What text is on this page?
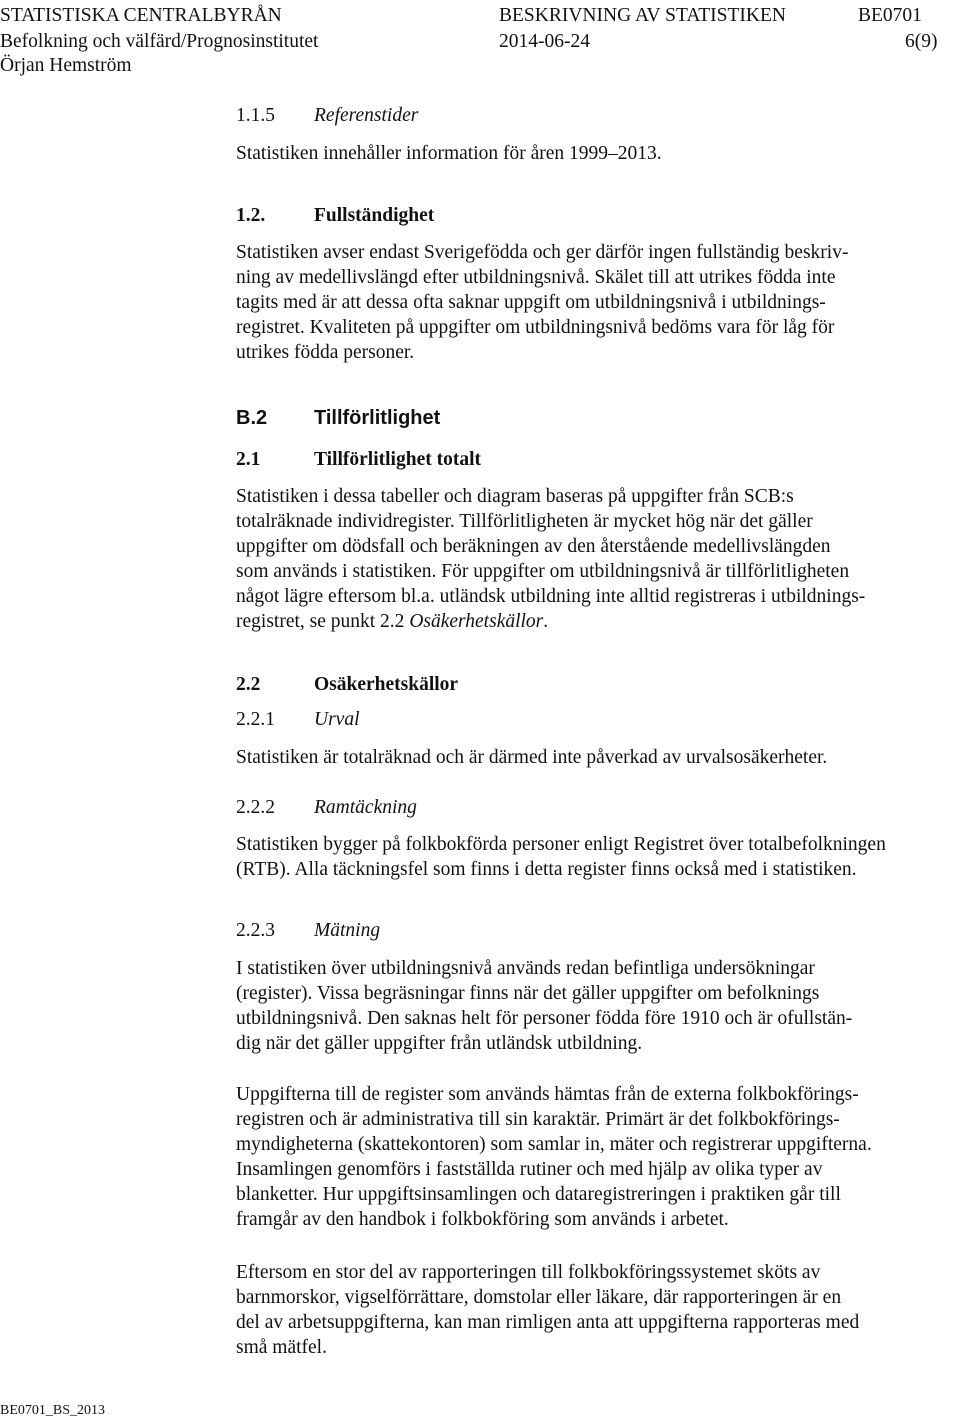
STATISTISKA CENTRALBYRÅN	BESKRIVNING AV STATISTIKEN	BE0701
Befolkning och välfärd/Prognosinstitutet	2014-06-24	6(9)
Örjan Hemström
1.1.5 Referenstider
Statistiken innehåller information för åren 1999–2013.
1.2.	Fullständighet
Statistiken avser endast Sverigefödda och ger därför ingen fullständig beskriv-
ning av medellivslängd efter utbildningsnivå. Skälet till att utrikes födda inte
tagits med är att dessa ofta saknar uppgift om utbildningsnivå i utbildnings-
registret. Kvaliteten på uppgifter om utbildningsnivå bedöms vara för låg för
utrikes födda personer.
B.2 Tillförlitlighet
2.1	Tillförlitlighet totalt
Statistiken i dessa tabeller och diagram baseras på uppgifter från SCB:s
totalräknade individregister. Tillförlitligheten är mycket hög när det gäller
uppgifter om dödsfall och beräkningen av den återstående medellivslängden
som används i statistiken. För uppgifter om utbildningsnivå är tillförlitligheten
något lägre eftersom bl.a. utländsk utbildning inte alltid registreras i utbildnings-
registret, se punkt 2.2 Osäkerhetskällor.
2.2	Osäkerhetskällor
2.2.1 Urval
Statistiken är totalräknad och är därmed inte påverkad av urvalsosäkerheter.
2.2.2 Ramtäckning
Statistiken bygger på folkbokförda personer enligt Registret över totalbefolkningen
(RTB). Alla täckningsfel som finns i detta register finns också med i statistiken.
2.2.3 Mätning
I statistiken över utbildningsnivå används redan befintliga undersökningar
(register). Vissa begräsningar finns när det gäller uppgifter om befolknings
utbildningsnivå. Den saknas helt för personer födda före 1910 och är ofullstän-
dig när det gäller uppgifter från utländsk utbildning.
Uppgifterna till de register som används hämtas från de externa folkbokförings-
registren och är administrativa till sin karaktär. Primärt är det folkbokförings-
myndigheterna (skattekontoren) som samlar in, mäter och registrerar uppgifterna.
Insamlingen genomförs i fastställda rutiner och med hjälp av olika typer av
blanketter. Hur uppgiftsinsamlingen och dataregistreringen i praktiken går till
framgår av den handbok i folkbokföring som används i arbetet.
Eftersom en stor del av rapporteringen till folkbokföringssystemet sköts av
barnmorskor, vigselförrättare, domstolar eller läkare, där rapporteringen är en
del av arbetsuppgifterna, kan man rimligen anta att uppgifterna rapporteras med
små mätfel.
BE0701_BS_2013
